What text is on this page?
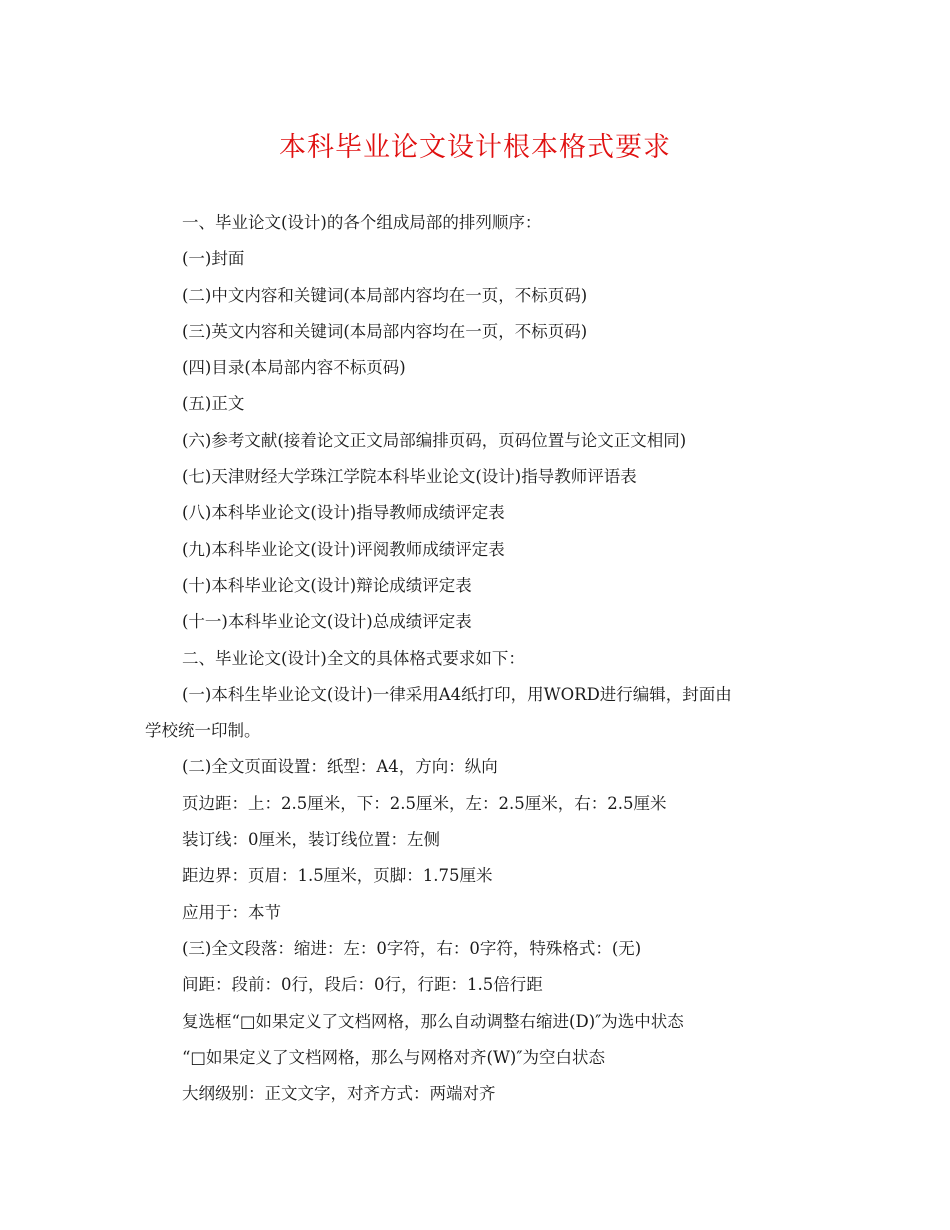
本科毕业论文设计根本格式要求

一、毕业论文(设计)的各个组成局部的排列顺序：

(一)封面

(二)中文内容和关键词(本局部内容均在一页，不标页码)

(三)英文内容和关键词(本局部内容均在一页，不标页码)

(四)目录(本局部内容不标页码)

(五)正文

(六)参考文献(接着论文正文局部编排页码，页码位置与论文正文相同)

(七)天津财经大学珠江学院本科毕业论文(设计)指导教师评语表

(八)本科毕业论文(设计)指导教师成绩评定表

(九)本科毕业论文(设计)评阅教师成绩评定表

(十)本科毕业论文(设计)辩论成绩评定表

(十一)本科毕业论文(设计)总成绩评定表

二、毕业论文(设计)全文的具体格式要求如下：

(一)本科生毕业论文(设计)一律采用A4纸打印，用WORD进行编辑，封面由

学校统一印制。

(二)全文页面设置：纸型：A4，方向：纵向

页边距：上：2.5厘米，下：2.5厘米，左：2.5厘米，右：2.5厘米

装订线：0厘米，装订线位置：左侧

距边界：页眉：1.5厘米，页脚：1.75厘米

应用于：本节

(三)全文段落：缩进：左：0字符，右：0字符，特殊格式：(无)

间距：段前：0行，段后：0行，行距：1.5倍行距

复选框“□如果定义了文档网格，那么自动调整右缩进(D)″为选中状态

“□如果定义了文档网格，那么与网格对齐(W)″为空白状态

大纲级别：正文文字，对齐方式：两端对齐
